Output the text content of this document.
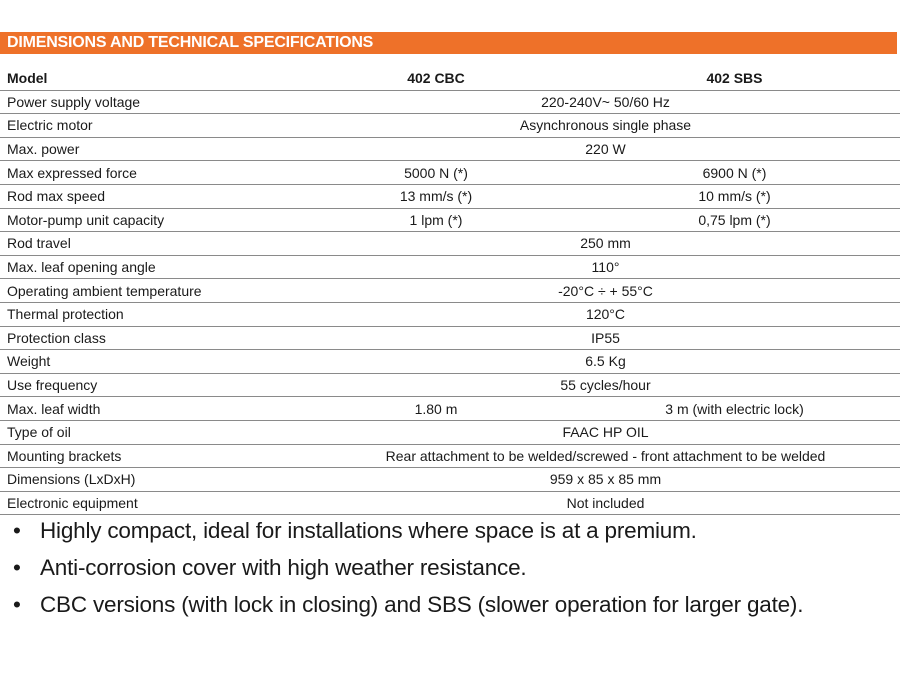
DIMENSIONS AND TECHNICAL SPECIFICATIONS
Model	402 CBC	402 SBS
Power supply voltage	220-240V~ 50/60 Hz	
Electric motor	Asynchronous single phase	
Max. power	220 W	
Max expressed force	5000 N (*)	6900 N (*)
Rod max speed	13 mm/s (*)	10 mm/s (*)
Motor-pump unit capacity	1 lpm (*)	0,75 lpm (*)
Rod travel	250 mm	
Max. leaf opening angle	110°	
Operating ambient temperature	-20°C ÷ + 55°C	
Thermal protection	120°C	
Protection class	IP55	
Weight	6.5 Kg	
Use frequency	55 cycles/hour	
Max. leaf width	1.80 m	3 m (with electric lock)
Type of oil	FAAC HP OIL	
Mounting brackets	Rear attachment to be welded/screwed - front attachment to be welded	
Dimensions (LxDxH)	959 x 85 x 85 mm	
Electronic equipment	Not included	
• Highly compact, ideal for installations where space is at a premium.
• Anti-corrosion cover with high weather resistance.
• CBC versions (with lock in closing) and SBS (slower operation for larger gate).
